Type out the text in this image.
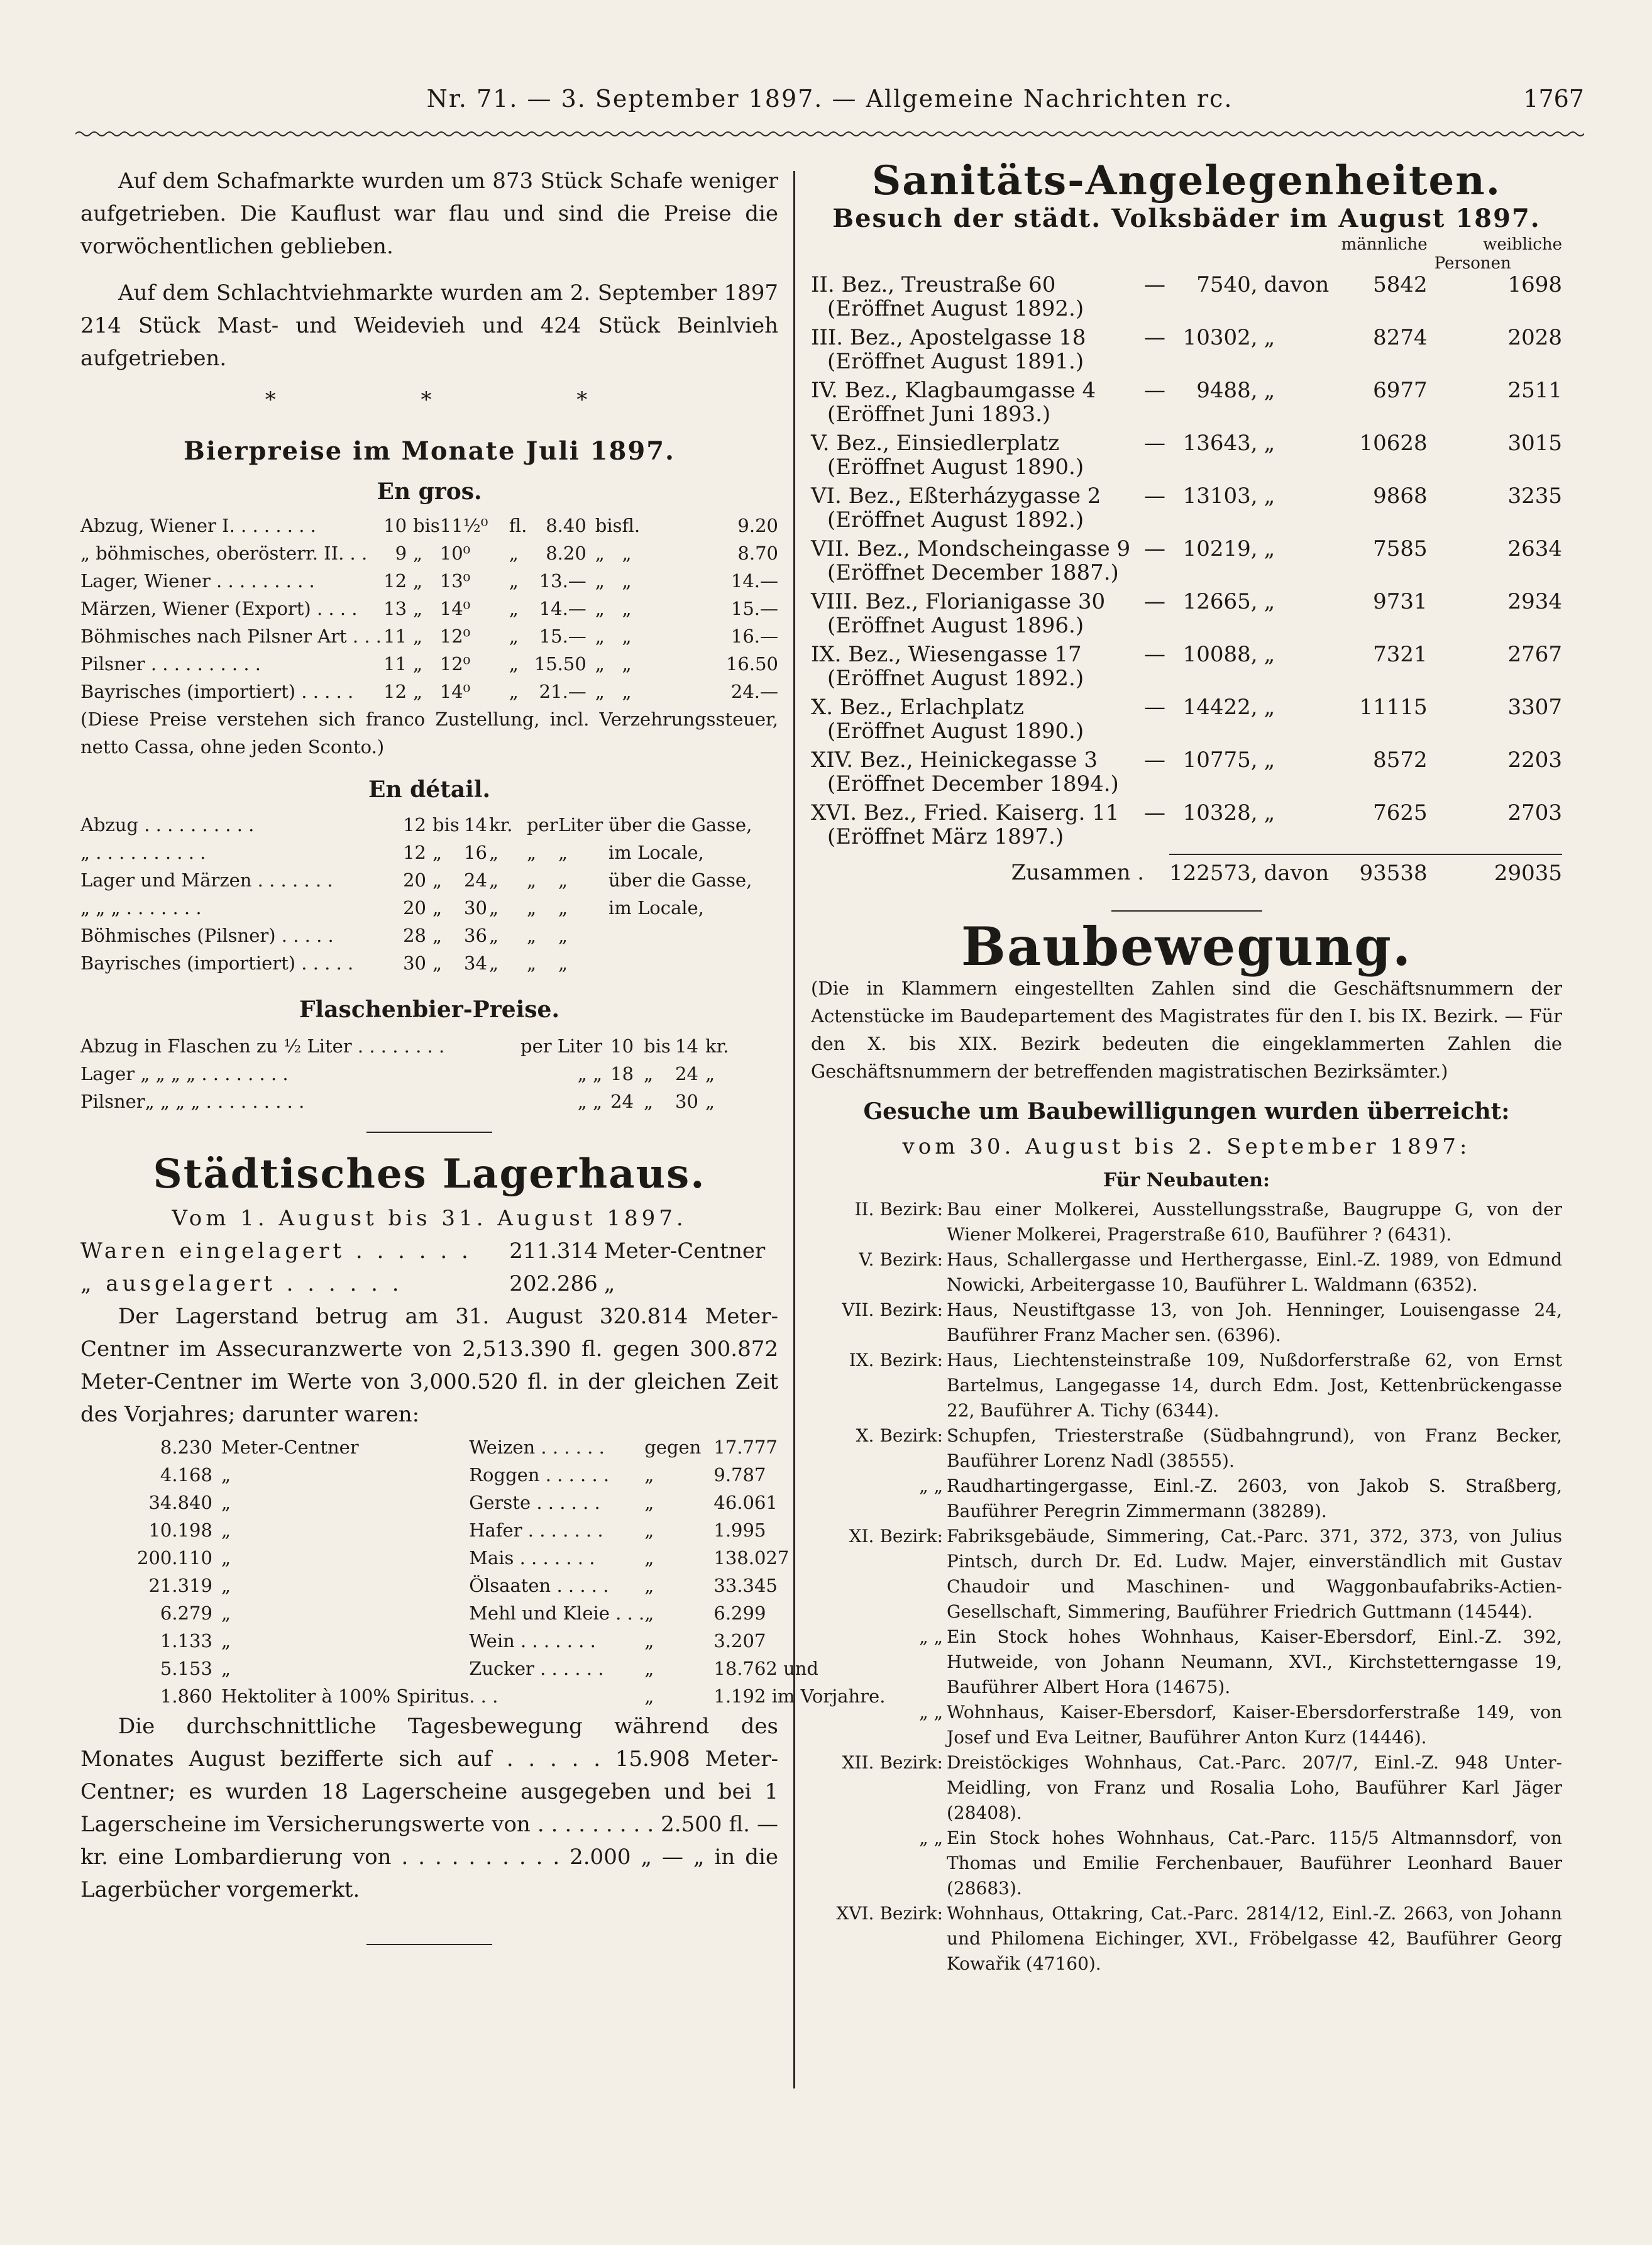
Nr. 71. — 3. September 1897. — Allgemeine Nachrichten rc.	1767

Auf dem Schafmarkte wurden um 873 Stück Schafe weniger aufgetrieben. Die Kauflust war flau und sind die Preise die vorwöchentlichen geblieben.

Auf dem Schlachtviehmarkte wurden am 2. September 1897 214 Stück Mast- und Weidevieh und 424 Stück Beinlvieh aufgetrieben.

* * *
Bierpreise im Monate Juli 1897.
En gros.
Abzug, Wiener I. . . . . . . .	10	bis	11½⁰	fl.	8.40	bis	fl.	9.20
„ böhmisches, oberösterr. II. . .	9	„	10⁰	„	8.20	„	„	8.70
Lager, Wiener . . . . . . . . .	12	„	13⁰	„	13.—	„	„	14.—
Märzen, Wiener (Export) . . . .	13	„	14⁰	„	14.—	„	„	15.—
Böhmisches nach Pilsner Art . . .	11	„	12⁰	„	15.—	„	„	16.—
Pilsner . . . . . . . . . .	11	„	12⁰	„	15.50	„	„	16.50
Bayrisches (importiert) . . . . .	12	„	14⁰	„	21.—	„	„	24.—

(Diese Preise verstehen sich franco Zustellung, incl. Verzehrungssteuer, netto Cassa, ohne jeden Sconto.)

En détail.
Abzug . . . . . . . . . .	12	bis	14	kr.	per	Liter	über die Gasse,
„ . . . . . . . . . .	12	„	16	„	„	„	im Locale,
Lager und Märzen . . . . . . .	20	„	24	„	„	„	über die Gasse,
„ „ „ . . . . . . .	20	„	30	„	„	„	im Locale,
Böhmisches (Pilsner) . . . . .	28	„	36	„	„	„	
Bayrisches (importiert) . . . . .	30	„	34	„	„	„	
Flaschenbier-Preise.
Abzug in Flaschen zu ½ Liter . . . . . . . .	per Liter	10	bis	14	kr.
Lager „ „ „ „ . . . . . . . .	„ „	18	„	24	„
Pilsner„ „ „ „ . . . . . . . . .	„ „	24	„	30	„
Städtisches Lagerhaus.
Vom 1. August bis 31. August 1897.
Waren eingelagert . . . . . .	211.314	Meter-Centner
„ ausgelagert . . . . . .	202.286	„

Der Lagerstand betrug am 31. August 320.814 Meter-Centner im Assecuranzwerte von 2,513.390 fl. gegen 300.872 Meter-Centner im Werte von 3,000.520 fl. in der gleichen Zeit des Vorjahres; darunter waren:

8.230	Meter-Centner	Weizen . . . . . .	gegen	17.777
4.168	„	Roggen . . . . . .	„	9.787
34.840	„	Gerste . . . . . .	„	46.061
10.198	„	Hafer . . . . . . .	„	1.995
200.110	„	Mais . . . . . . .	„	138.027
21.319	„	Ölsaaten . . . . .	„	33.345
6.279	„	Mehl und Kleie . . .	„	6.299
1.133	„	Wein . . . . . . .	„	3.207
5.153	„	Zucker . . . . . .	„	18.762 und
1.860	Hektoliter à 100% Spiritus	. . .	„	1.192 im Vorjahre.

Die durchschnittliche Tagesbewegung während des Monates August bezifferte sich auf . . . . . 15.908 Meter-Centner; es wurden 18 Lagerscheine ausgegeben und bei 1 Lagerscheine im Versicherungswerte von . . . . . . . . . 2.500 fl. — kr. eine Lombardierung von . . . . . . . . . . 2.000 „ — „ in die Lagerbücher vorgemerkt.

Sanitäts-Angelegenheiten.
Besuch der städt. Volksbäder im August 1897.
				männliche	weibliche
				Personen	
II. Bez., Treustraße 60	—	7540,	davon	5842	1698
(Eröffnet August 1892.)					
III. Bez., Apostelgasse 18	—	10302,	„	8274	2028
(Eröffnet August 1891.)					
IV. Bez., Klagbaumgasse 4	—	9488,	„	6977	2511
(Eröffnet Juni 1893.)					
V. Bez., Einsiedlerplatz	—	13643,	„	10628	3015
(Eröffnet August 1890.)					
VI. Bez., Eßterházygasse 2	—	13103,	„	9868	3235
(Eröffnet August 1892.)					
VII. Bez., Mondscheingasse 9	—	10219,	„	7585	2634
(Eröffnet December 1887.)					
VIII. Bez., Florianigasse 30	—	12665,	„	9731	2934
(Eröffnet August 1896.)					
IX. Bez., Wiesengasse 17	—	10088,	„	7321	2767
(Eröffnet August 1892.)					
X. Bez., Erlachplatz	—	14422,	„	11115	3307
(Eröffnet August 1890.)					
XIV. Bez., Heinickegasse 3	—	10775,	„	8572	2203
(Eröffnet December 1894.)					
XVI. Bez., Fried. Kaiserg. 11	—	10328,	„	7625	2703
(Eröffnet März 1897.)					
Zusammen .		122573,	davon	93538	29035
Baubewegung.

(Die in Klammern eingestellten Zahlen sind die Geschäftsnummern der Actenstücke im Baudepartement des Magistrates für den I. bis IX. Bezirk. — Für den X. bis XIX. Bezirk bedeuten die eingeklammerten Zahlen die Geschäftsnummern der betreffenden magistratischen Bezirksämter.)

Gesuche um Baubewilligungen wurden überreicht:
vom 30. August bis 2. September 1897:
Für Neubauten:
II. Bezirk:	Bau einer Molkerei, Ausstellungsstraße, Baugruppe G, von der Wiener Molkerei, Pragerstraße 610, Bauführer ? (6431).
V. Bezirk:	Haus, Schallergasse und Herthergasse, Einl.-Z. 1989, von Edmund Nowicki, Arbeitergasse 10, Bauführer L. Waldmann (6352).
VII. Bezirk:	Haus, Neustiftgasse 13, von Joh. Henninger, Louisengasse 24, Bauführer Franz Macher sen. (6396).
IX. Bezirk:	Haus, Liechtensteinstraße 109, Nußdorferstraße 62, von Ernst Bartelmus, Langegasse 14, durch Edm. Jost, Kettenbrückengasse 22, Bauführer A. Tichy (6344).
X. Bezirk:	Schupfen, Triesterstraße (Südbahngrund), von Franz Becker, Bauführer Lorenz Nadl (38555).
„ „	Raudhartingergasse, Einl.-Z. 2603, von Jakob S. Straßberg, Bauführer Peregrin Zimmermann (38289).
XI. Bezirk:	Fabriksgebäude, Simmering, Cat.-Parc. 371, 372, 373, von Julius Pintsch, durch Dr. Ed. Ludw. Majer, einverständlich mit Gustav Chaudoir und Maschinen- und Waggonbaufabriks-Actien-Gesellschaft, Simmering, Bauführer Friedrich Guttmann (14544).
„ „	Ein Stock hohes Wohnhaus, Kaiser-Ebersdorf, Einl.-Z. 392, Hutweide, von Johann Neumann, XVI., Kirchstetterngasse 19, Bauführer Albert Hora (14675).
„ „	Wohnhaus, Kaiser-Ebersdorf, Kaiser-Ebersdorferstraße 149, von Josef und Eva Leitner, Bauführer Anton Kurz (14446).
XII. Bezirk:	Dreistöckiges Wohnhaus, Cat.-Parc. 207/7, Einl.-Z. 948 Unter-Meidling, von Franz und Rosalia Loho, Bauführer Karl Jäger (28408).
„ „	Ein Stock hohes Wohnhaus, Cat.-Parc. 115/5 Altmannsdorf, von Thomas und Emilie Ferchenbauer, Bauführer Leonhard Bauer (28683).
XVI. Bezirk:	Wohnhaus, Ottakring, Cat.-Parc. 2814/12, Einl.-Z. 2663, von Johann und Philomena Eichinger, XVI., Fröbelgasse 42, Bauführer Georg Kowařik (47160).
